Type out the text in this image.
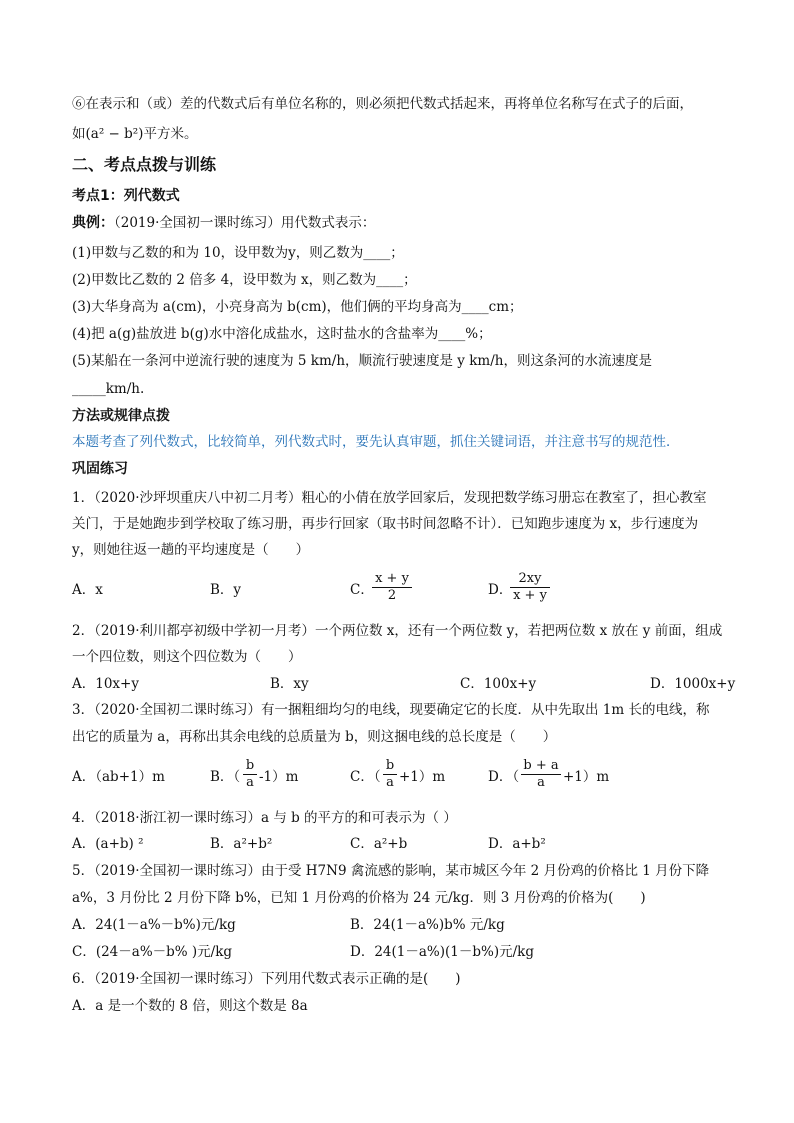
⑥在表示和（或）差的代数式后有单位名称的，则必须把代数式括起来，再将单位名称写在式子的后面，
如(a² − b²)平方米。
二、考点点拨与训练
考点1：列代数式
典例：（2019·全国初一课时练习）用代数式表示：
(1)甲数与乙数的和为 10，设甲数为y，则乙数为____；
(2)甲数比乙数的 2 倍多 4，设甲数为 x，则乙数为____；
(3)大华身高为 a(cm)，小亮身高为 b(cm)，他们俩的平均身高为____cm；
(4)把 a(g)盐放进 b(g)水中溶化成盐水，这时盐水的含盐率为____%；
(5)某船在一条河中逆流行驶的速度为 5 km/h，顺流行驶速度是 y km/h，则这条河的水流速度是
_____km/h.
方法或规律点拨
本题考查了列代数式，比较简单，列代数式时，要先认真审题，抓住关键词语，并注意书写的规范性．
巩固练习
1．（2020·沙坪坝重庆八中初二月考）粗心的小倩在放学回家后，发现把数学练习册忘在教室了，担心教室
关门，于是她跑步到学校取了练习册，再步行回家（取书时间忽略不计）．已知跑步速度为 x，步行速度为
y，则她往返一趟的平均速度是（　　）
A．x	B．y	C．
x + y
2	D．
2xy
x + y
2．（2019·利川都亭初级中学初一月考）一个两位数 x，还有一个两位数 y，若把两位数 x 放在 y 前面，组成
一个四位数，则这个四位数为（　　）
A．10x+y	B．xy	C．100x+y	D．1000x+y
3．（2020·全国初二课时练习）有一捆粗细均匀的电线，现要确定它的长度．从中先取出 1m 长的电线，称
出它的质量为 a，再称出其余电线的总质量为 b，则这捆电线的总长度是（　　）
A．（ab+1）m	B．（
b
a -1）m	C．（
b
a +1）m	D．（
b + a
a	+1）m
4．（2018·浙江初一课时练习）a 与 b 的平方的和可表示为（ ）
A．(a+b) ²	B．a²+b²	C．a²+b	D．a+b²
5．（2019·全国初一课时练习）由于受 H7N9 禽流感的影响，某市城区今年 2 月份鸡的价格比 1 月份下降
a%，3 月份比 2 月份下降 b%，已知 1 月份鸡的价格为 24 元/kg．则 3 月份鸡的价格为(　　)
A．24(1－a%－b%)元/kg	B．24(1－a%)b% 元/kg
C．(24－a%－b% )元/kg	D．24(1－a%)(1－b%)元/kg
6．（2019·全国初一课时练习）下列用代数式表示正确的是(　　)
A．a 是一个数的 8 倍，则这个数是 8a
